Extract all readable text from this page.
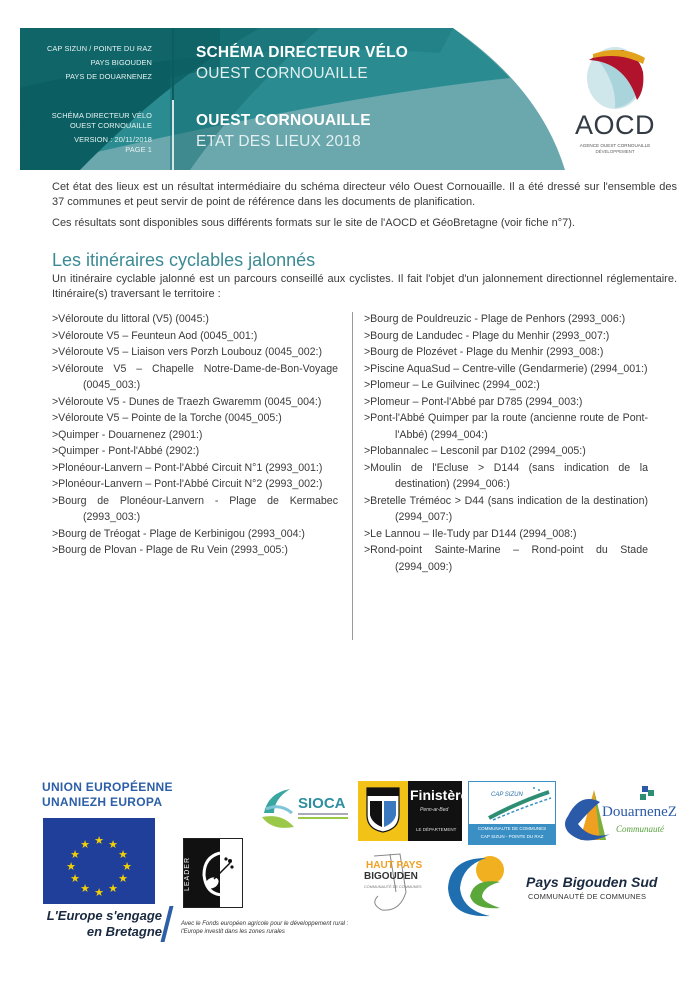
CAP SIZUN / POINTE DU RAZ
PAYS BIGOUDEN
PAYS DE DOUARNENEZ
SCHÉMA DIRECTEUR VÉLO
OUEST CORNOUAILLE
VERSION : 20/11/2018
PAGE 1
SCHÉMA DIRECTEUR VÉLO
OUEST CORNOUAILLE
OUEST CORNOUAILLE
ETAT DES LIEUX 2018
AOCD
AGENCE OUEST CORNOUAILLE
DÉVELOPPEMENT

Cet état des lieux est un résultat intermédiaire du schéma directeur vélo Ouest Cornouaille. Il a été dressé sur l'ensemble des 37 communes et peut servir de point de référence dans les documents de planification.

Ces résultats sont disponibles sous différents formats sur le site de l'AOCD et GéoBretagne (voir fiche n°7).

Les itinéraires cyclables jalonnés
Un itinéraire cyclable jalonné est un parcours conseillé aux cyclistes. Il fait l'objet d'un jalonnement directionnel réglementaire. Itinéraire(s) traversant le territoire :
>Véloroute du littoral (V5) (0045:)
>Véloroute V5 – Feunteun Aod (0045_001:)
>Véloroute V5 – Liaison vers Porzh Loubouz (0045_002:)
>Véloroute V5 – Chapelle Notre-Dame-de-Bon-Voyage (0045_003:)
>Véloroute V5 - Dunes de Traezh Gwaremm (0045_004:)
>Véloroute V5 – Pointe de la Torche (0045_005:)
>Quimper - Douarnenez (2901:)
>Quimper - Pont-l'Abbé (2902:)
>Plonéour-Lanvern – Pont-l'Abbé Circuit N°1 (2993_001:)
>Plonéour-Lanvern – Pont-l'Abbé Circuit N°2 (2993_002:)
>Bourg de Plonéour-Lanvern - Plage de Kermabec (2993_003:)
>Bourg de Tréogat - Plage de Kerbinigou (2993_004:)
>Bourg de Plovan - Plage de Ru Vein (2993_005:)
>Bourg de Pouldreuzic - Plage de Penhors (2993_006:)
>Bourg de Landudec - Plage du Menhir (2993_007:)
>Bourg de Plozévet - Plage du Menhir (2993_008:)
>Piscine AquaSud – Centre-ville (Gendarmerie) (2994_001:)
>Plomeur – Le Guilvinec (2994_002:)
>Plomeur – Pont-l'Abbé par D785 (2994_003:)
>Pont-l'Abbé Quimper par la route (ancienne route de Pont-l'Abbé) (2994_004:)
>Plobannalec – Lesconil par D102 (2994_005:)
>Moulin de l'Ecluse > D144 (sans indication de la destination) (2994_006:)
>Bretelle Tréméoc > D44 (sans indication de la destination) (2994_007:)
>Le Lannou – Ile-Tudy par D144 (2994_008:)
>Rond-point Sainte-Marine – Rond-point du Stade (2994_009:)
UNION EUROPÉENNE
UNANIEZH EUROPA
★ ★
★
★
★
★
★
★
★
★
★
★
L'Europe s'engage
en Bretagne
LEADER
Avec le Fonds européen agricole pour le développement rural :
l'Europe investit dans les zones rurales
SIOCA	Finistère
Penn-ar-Bed
LE DÉPARTEMENT
CAP SIZUN
COMMUNAUTE DE COMMUNES
CAP SIZUN - POINTE DU RAZ
DouarneneZ
Communauté
HAUT PAYS
BIGOUDEN
COMMUNAUTÉ DE COMMUNES	Pays Bigouden Sud
COMMUNAUTÉ DE COMMUNES
